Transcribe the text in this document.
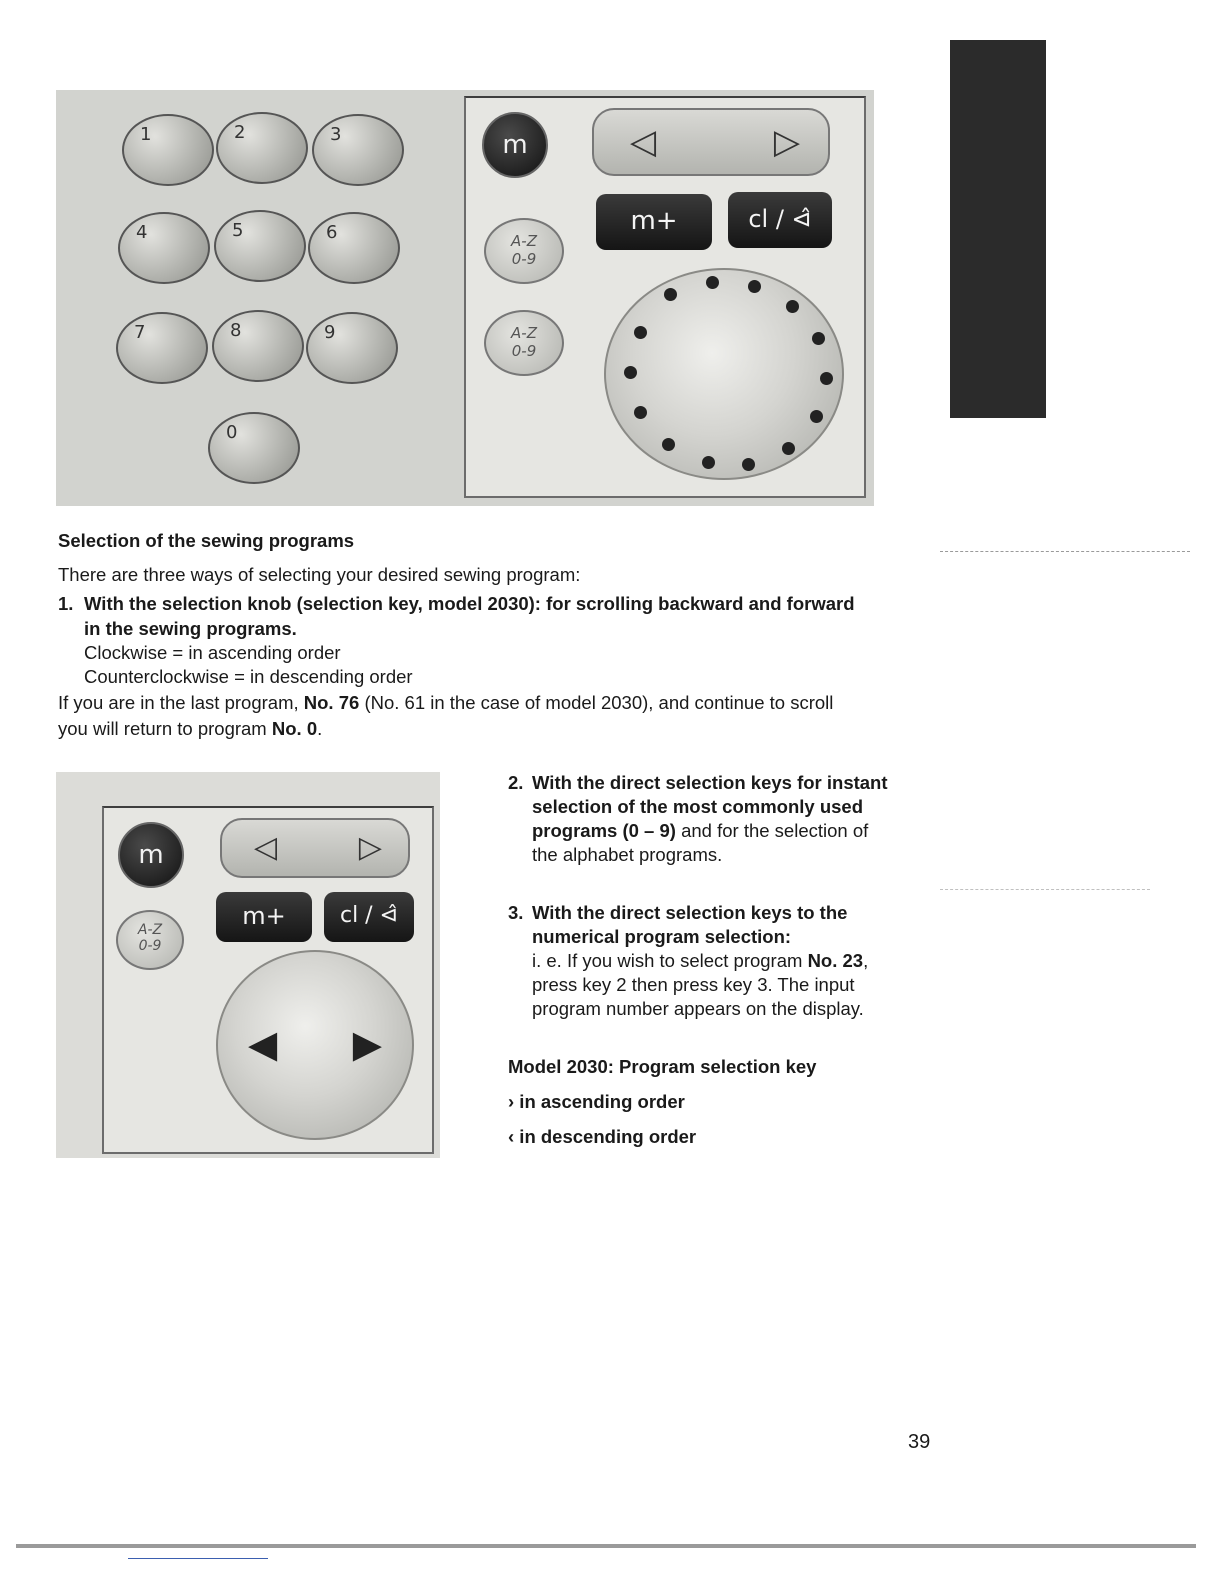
1	2	3
4	5	6
7	8	9
0
m	◁	▷
m+	cl / ⊲̂
A-Z
0-9
A-Z
0-9

Selection of the sewing programs

There are three ways of selecting your desired sewing program:

1. With the selection knob (selection key, model 2030): for scrolling backward and forward

in the sewing programs.

Clockwise = in ascending order

Counterclockwise = in descending order

If you are in the last program, No. 76 (No. 61 in the case of model 2030), and continue to scroll

you will return to program No. 0.

m	◁	▷
m+	cl / ⊲̂
A-Z
0-9
◀ ▶

2. With the direct selection keys for instant

selection of the most commonly used

programs (0 – 9) and for the selection of

the alphabet programs.

3. With the direct selection keys to the

numerical program selection:

i. e. If you wish to select program No. 23,

press key 2 then press key 3. The input

program number appears on the display.

Model 2030: Program selection key

› in ascending order

‹ in descending order

39
